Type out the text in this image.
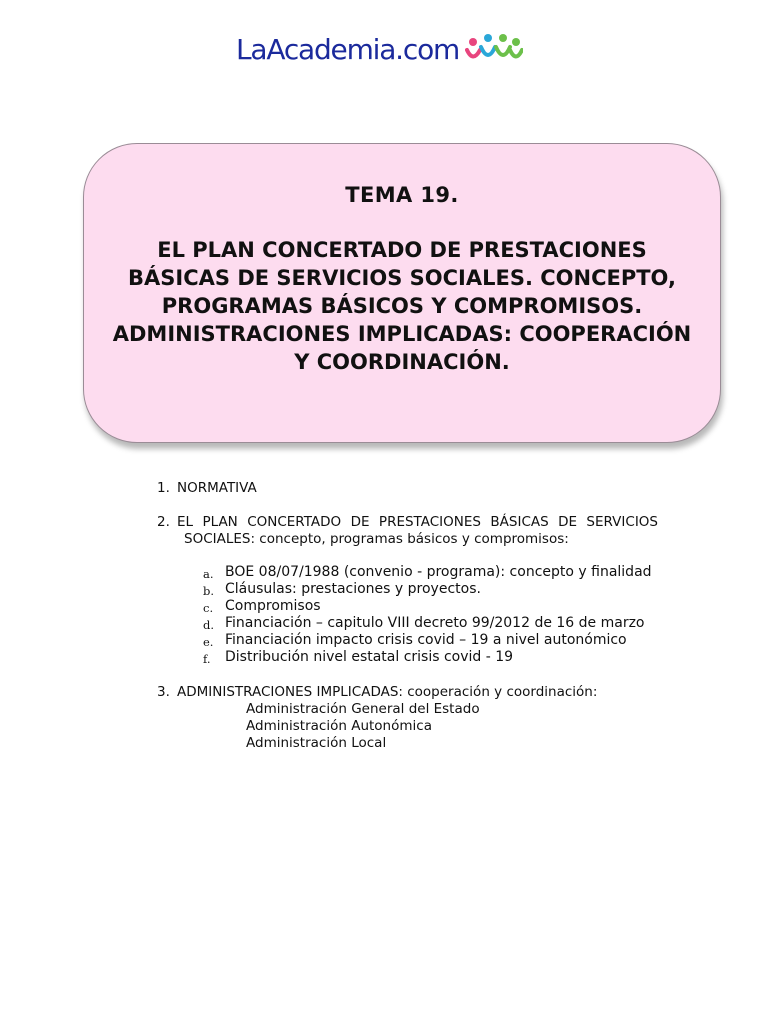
LaAcademia.com
TEMA 19.
EL PLAN CONCERTADO DE PRESTACIONES
BÁSICAS DE SERVICIOS SOCIALES. CONCEPTO,
PROGRAMAS BÁSICOS Y COMPROMISOS.
ADMINISTRACIONES IMPLICADAS: COOPERACIÓN
Y COORDINACIÓN.
1. NORMATIVA
2. EL PLAN CONCERTADO DE PRESTACIONES BÁSICAS DE SERVICIOS
SOCIALES: concepto, programas básicos y compromisos:
a. BOE 08/07/1988 (convenio - programa): concepto y finalidad
b. Cláusulas: prestaciones y proyectos.
c. Compromisos
d. Financiación – capitulo VIII decreto 99/2012 de 16 de marzo
e. Financiación impacto crisis covid – 19 a nivel autonómico
f. Distribución nivel estatal crisis covid - 19
3. ADMINISTRACIONES IMPLICADAS: cooperación y coordinación:
Administración General del Estado
Administración Autonómica
Administración Local
